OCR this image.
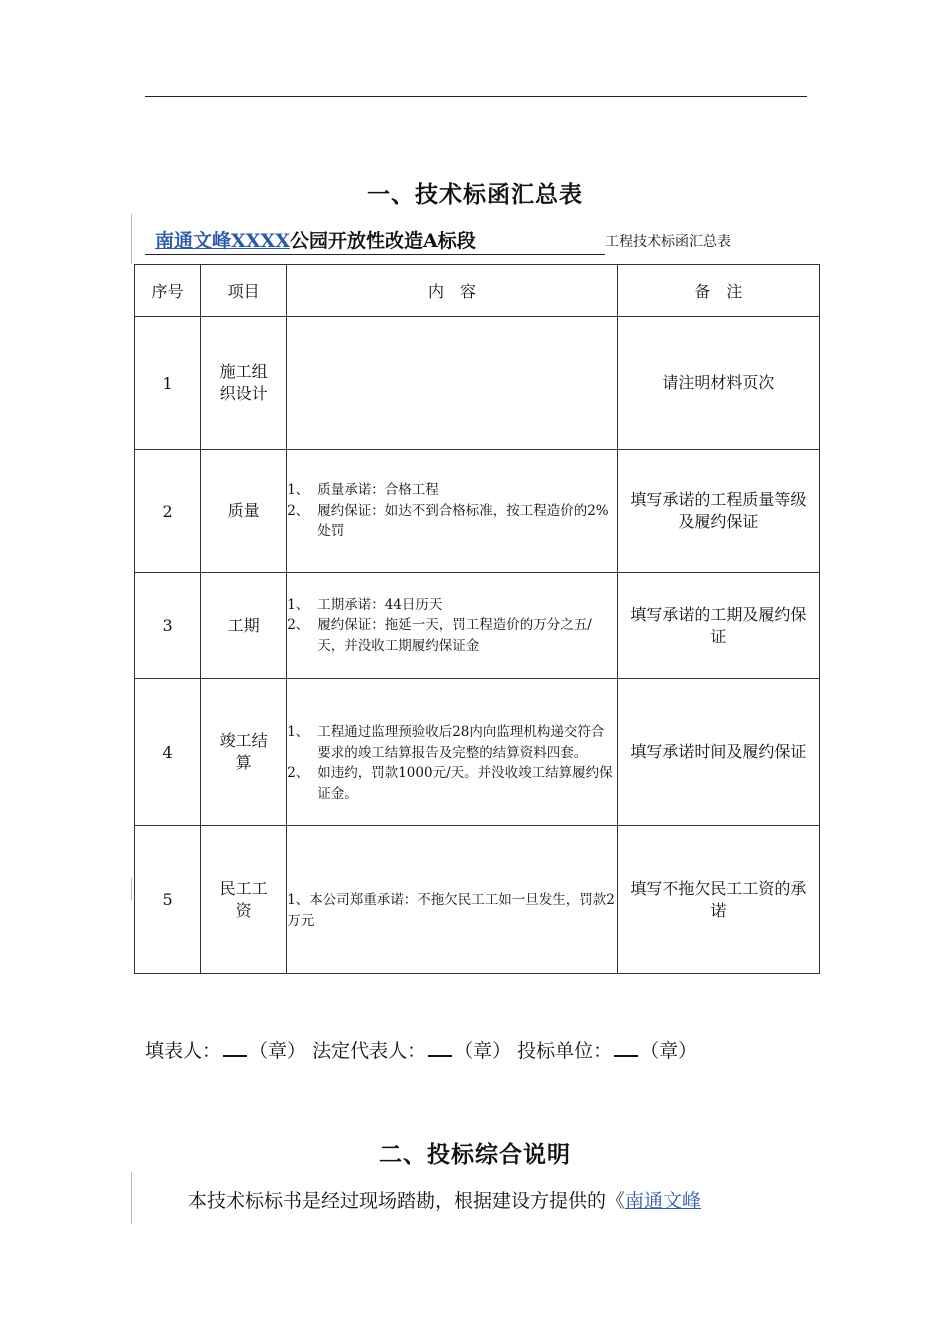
一、技术标函汇总表
南通文峰XXXX公园开放性改造A标段	工程技术标函汇总表
序号	项目	内　容	备　注
1	施工组织设计		请注明材料页次
2	质量	1、 质量承诺：合格工程
2、 履约保证：如达不到合格标准，按工程造价的2%处罚	填写承诺的工程质量等级及履约保证
3	工期	1、 工期承诺：44日历天
2、 履约保证：拖延一天，罚工程造价的万分之五/天，并没收工期履约保证金	填写承诺的工期及履约保证
4	竣工结算	1、 工程通过监理预验收后28内向监理机构递交符合要求的竣工结算报告及完整的结算资料四套。
2、 如违约，罚款1000元/天。并没收竣工结算履约保证金。	填写承诺时间及履约保证
5	民工工资	1、本公司郑重承诺：不拖欠民工工如一旦发生，罚款2万元	填写不拖欠民工工资的承诺
填表人： （章） 法定代表人： （章） 投标单位： （章）
二、投标综合说明
本技术标标书是经过现场踏勘，根据建设方提供的《南通文峰
